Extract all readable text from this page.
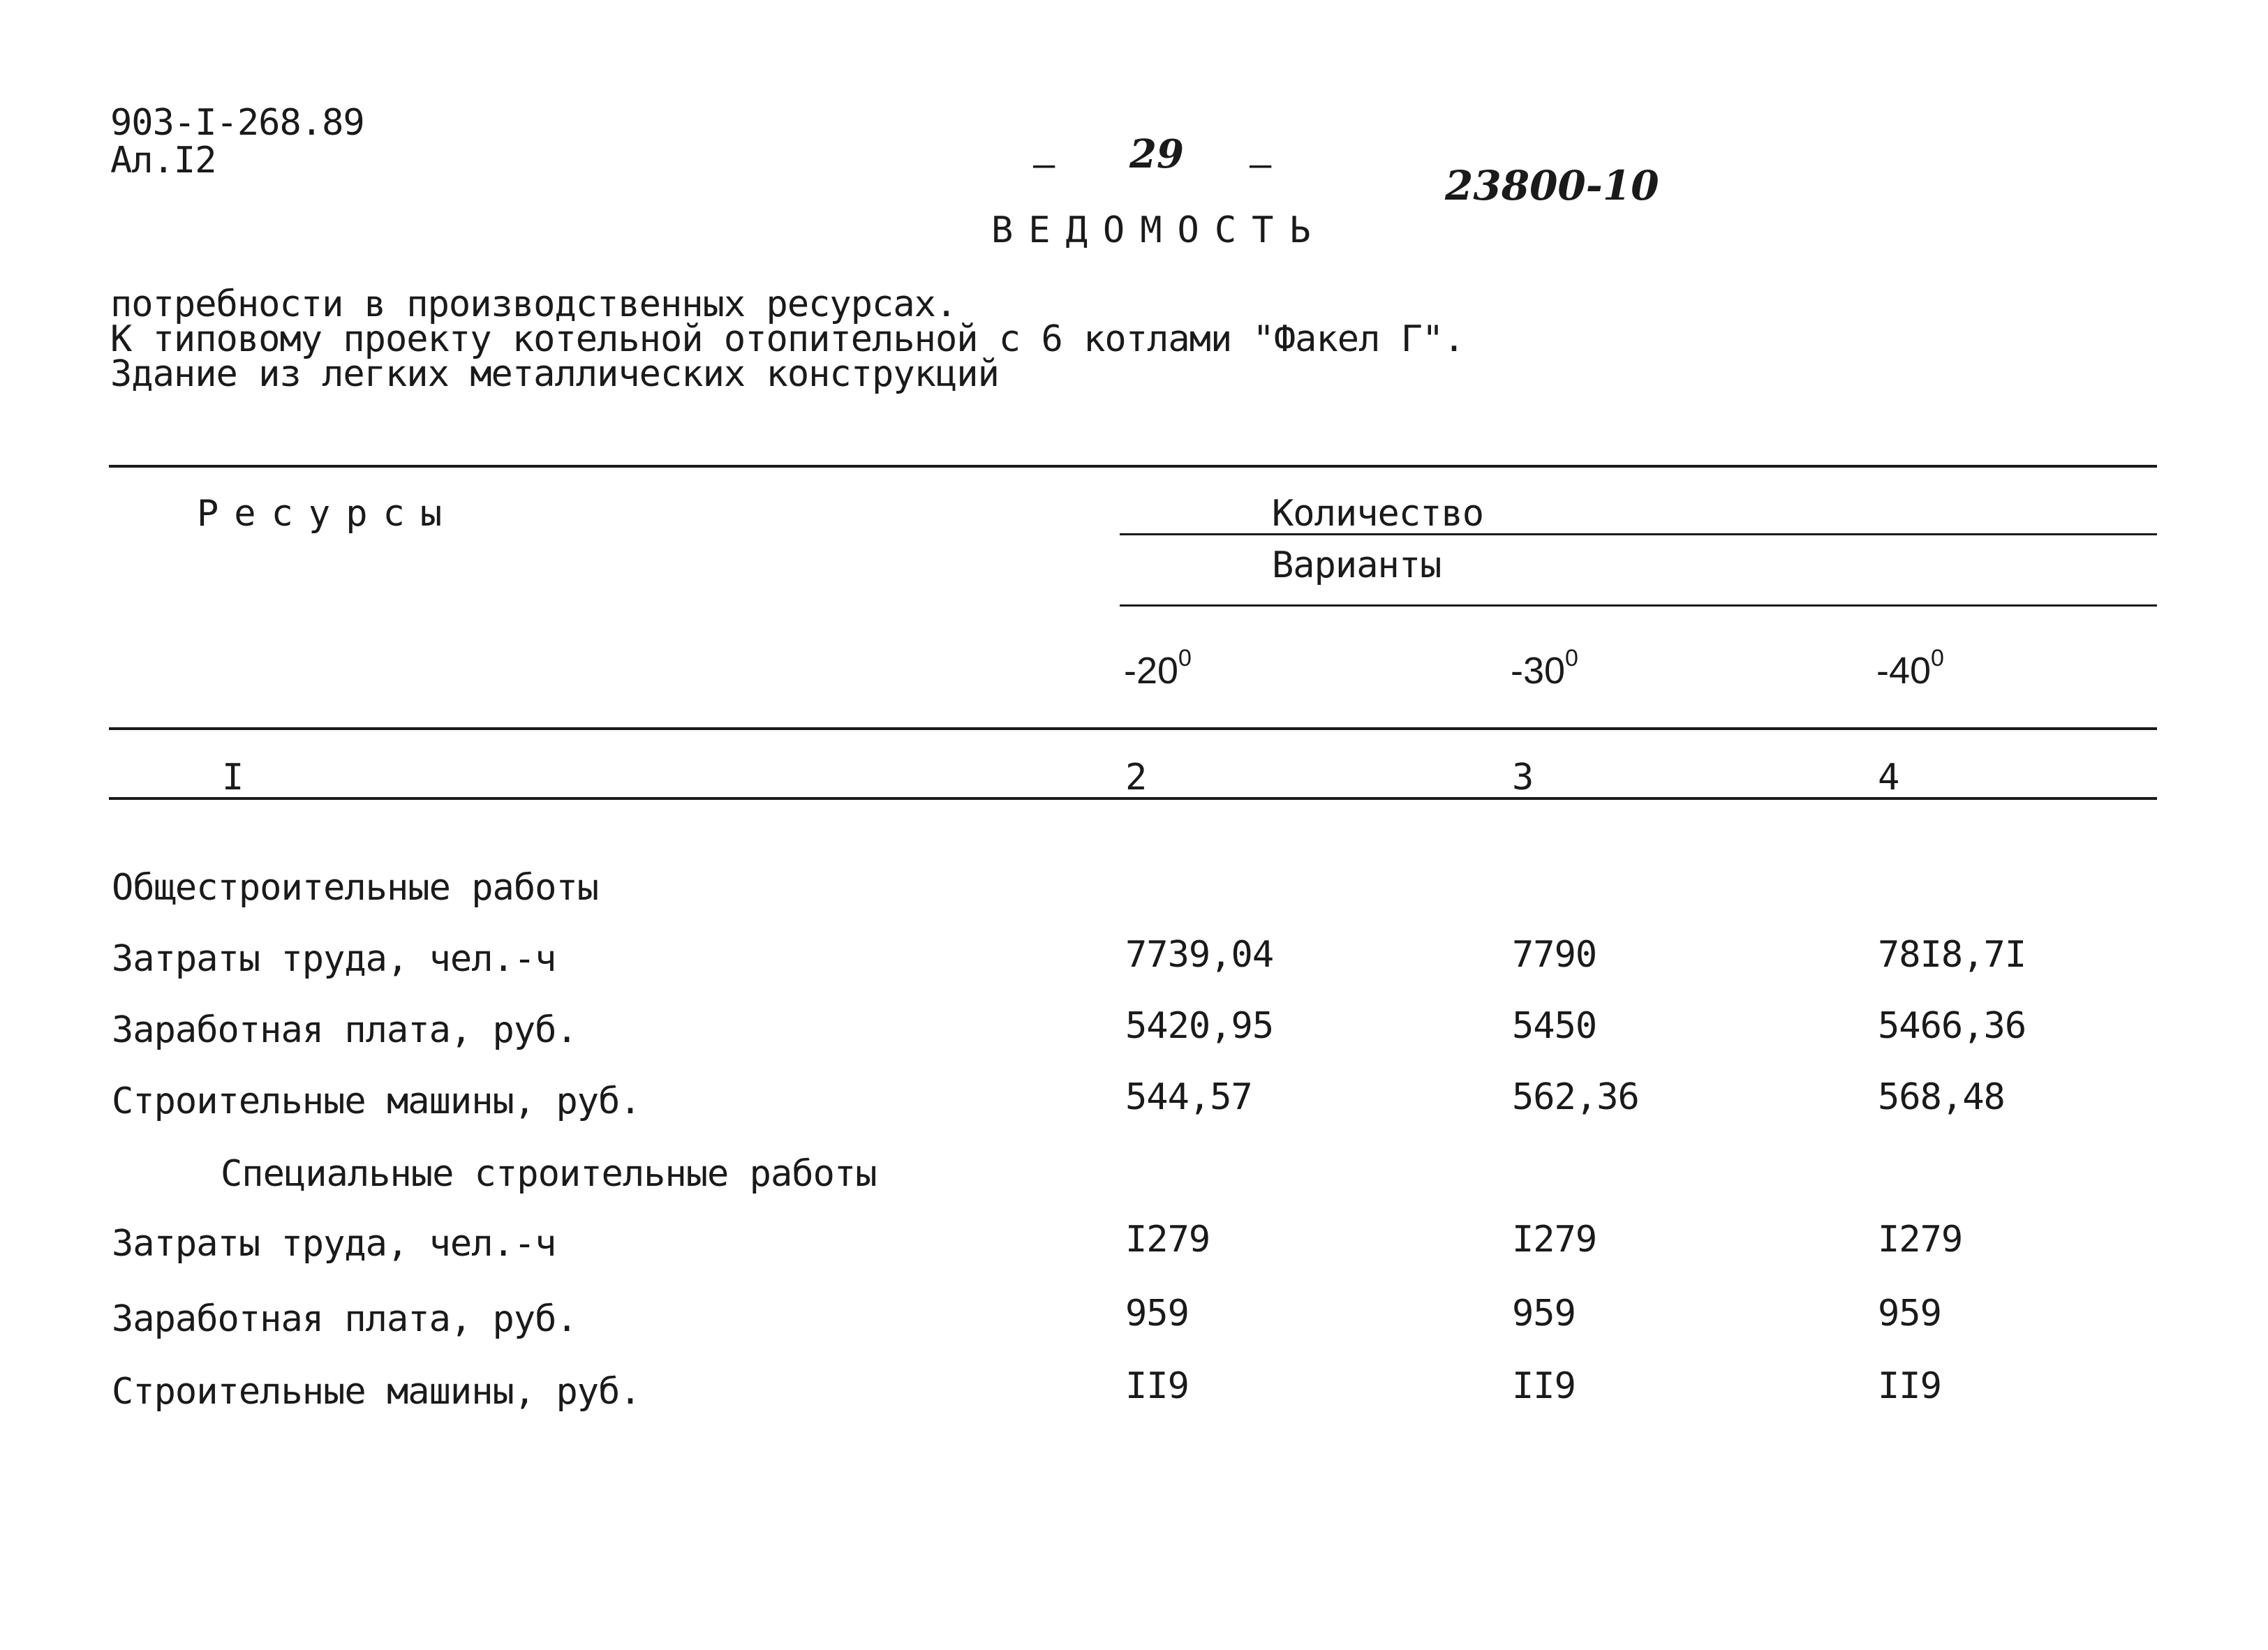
903-I-268.89
Ал.I2	– 29 –	23800-10
ВЕДОМОСТЬ
потребности в производственных ресурсах.
К типовому проекту котельной отопительной с 6 котлами "Факел Г".
Здание из легких металлических конструкций
Ресурсы	Количество
Варианты
$-20^0$	$-30^0$	$-40^0$
I	2	3	4
Общестроительные работы
Затраты труда, чел.-ч	7739,04	7790	78I8,7I
Заработная плата, руб.	5420,95	5450	5466,36
Строительные машины, руб.	544,57	562,36	568,48
Специальные строительные работы
Затраты труда, чел.-ч	I279	I279	I279
Заработная плата, руб.	959	959	959
Строительные машины, руб.	II9	II9	II9
